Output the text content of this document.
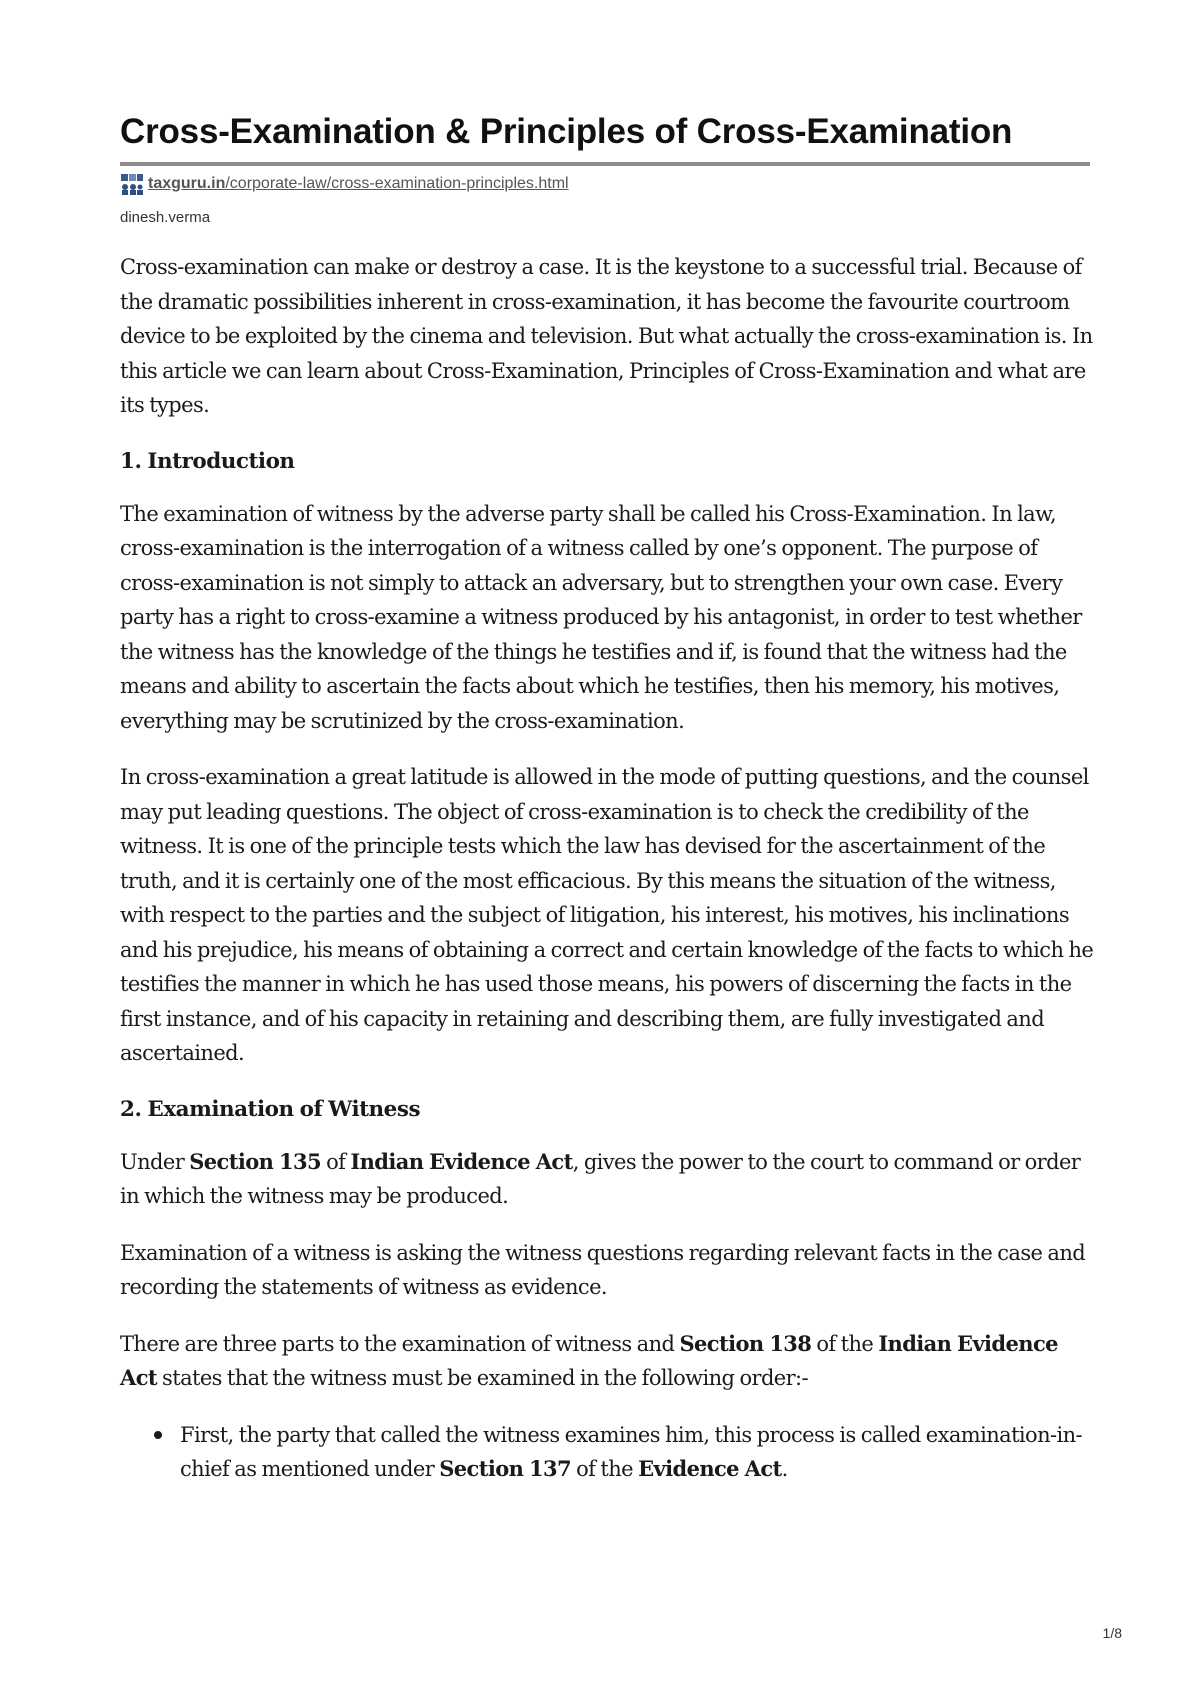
Cross-Examination & Principles of Cross-Examination
taxguru.in/corporate-law/cross-examination-principles.html
dinesh.verma

Cross-examination can make or destroy a case. It is the keystone to a successful trial. Because of the dramatic possibilities inherent in cross-examination, it has become the favourite courtroom device to be exploited by the cinema and television. But what actually the cross-examination is. In this article we can learn about Cross-Examination, Principles of Cross-Examination and what are its types.

1. Introduction

The examination of witness by the adverse party shall be called his Cross-Examination. In law, cross-examination is the interrogation of a witness called by one’s opponent. The purpose of cross-examination is not simply to attack an adversary, but to strengthen your own case. Every party has a right to cross-examine a witness produced by his antagonist, in order to test whether the witness has the knowledge of the things he testifies and if, is found that the witness had the means and ability to ascertain the facts about which he testifies, then his memory, his motives, everything may be scrutinized by the cross-examination.

In cross-examination a great latitude is allowed in the mode of putting questions, and the counsel may put leading questions. The object of cross-examination is to check the credibility of the witness. It is one of the principle tests which the law has devised for the ascertainment of the truth, and it is certainly one of the most efficacious. By this means the situation of the witness, with respect to the parties and the subject of litigation, his interest, his motives, his inclinations and his prejudice, his means of obtaining a correct and certain knowledge of the facts to which he testifies the manner in which he has used those means, his powers of discerning the facts in the first instance, and of his capacity in retaining and describing them, are fully investigated and ascertained.

2. Examination of Witness

Under Section 135 of Indian Evidence Act, gives the power to the court to command or order in which the witness may be produced.

Examination of a witness is asking the witness questions regarding relevant facts in the case and recording the statements of witness as evidence.

There are three parts to the examination of witness and Section 138 of the Indian Evidence Act states that the witness must be examined in the following order:-

First, the party that called the witness examines him, this process is called examination-in-chief as mentioned under Section 137 of the Evidence Act.
1/8
